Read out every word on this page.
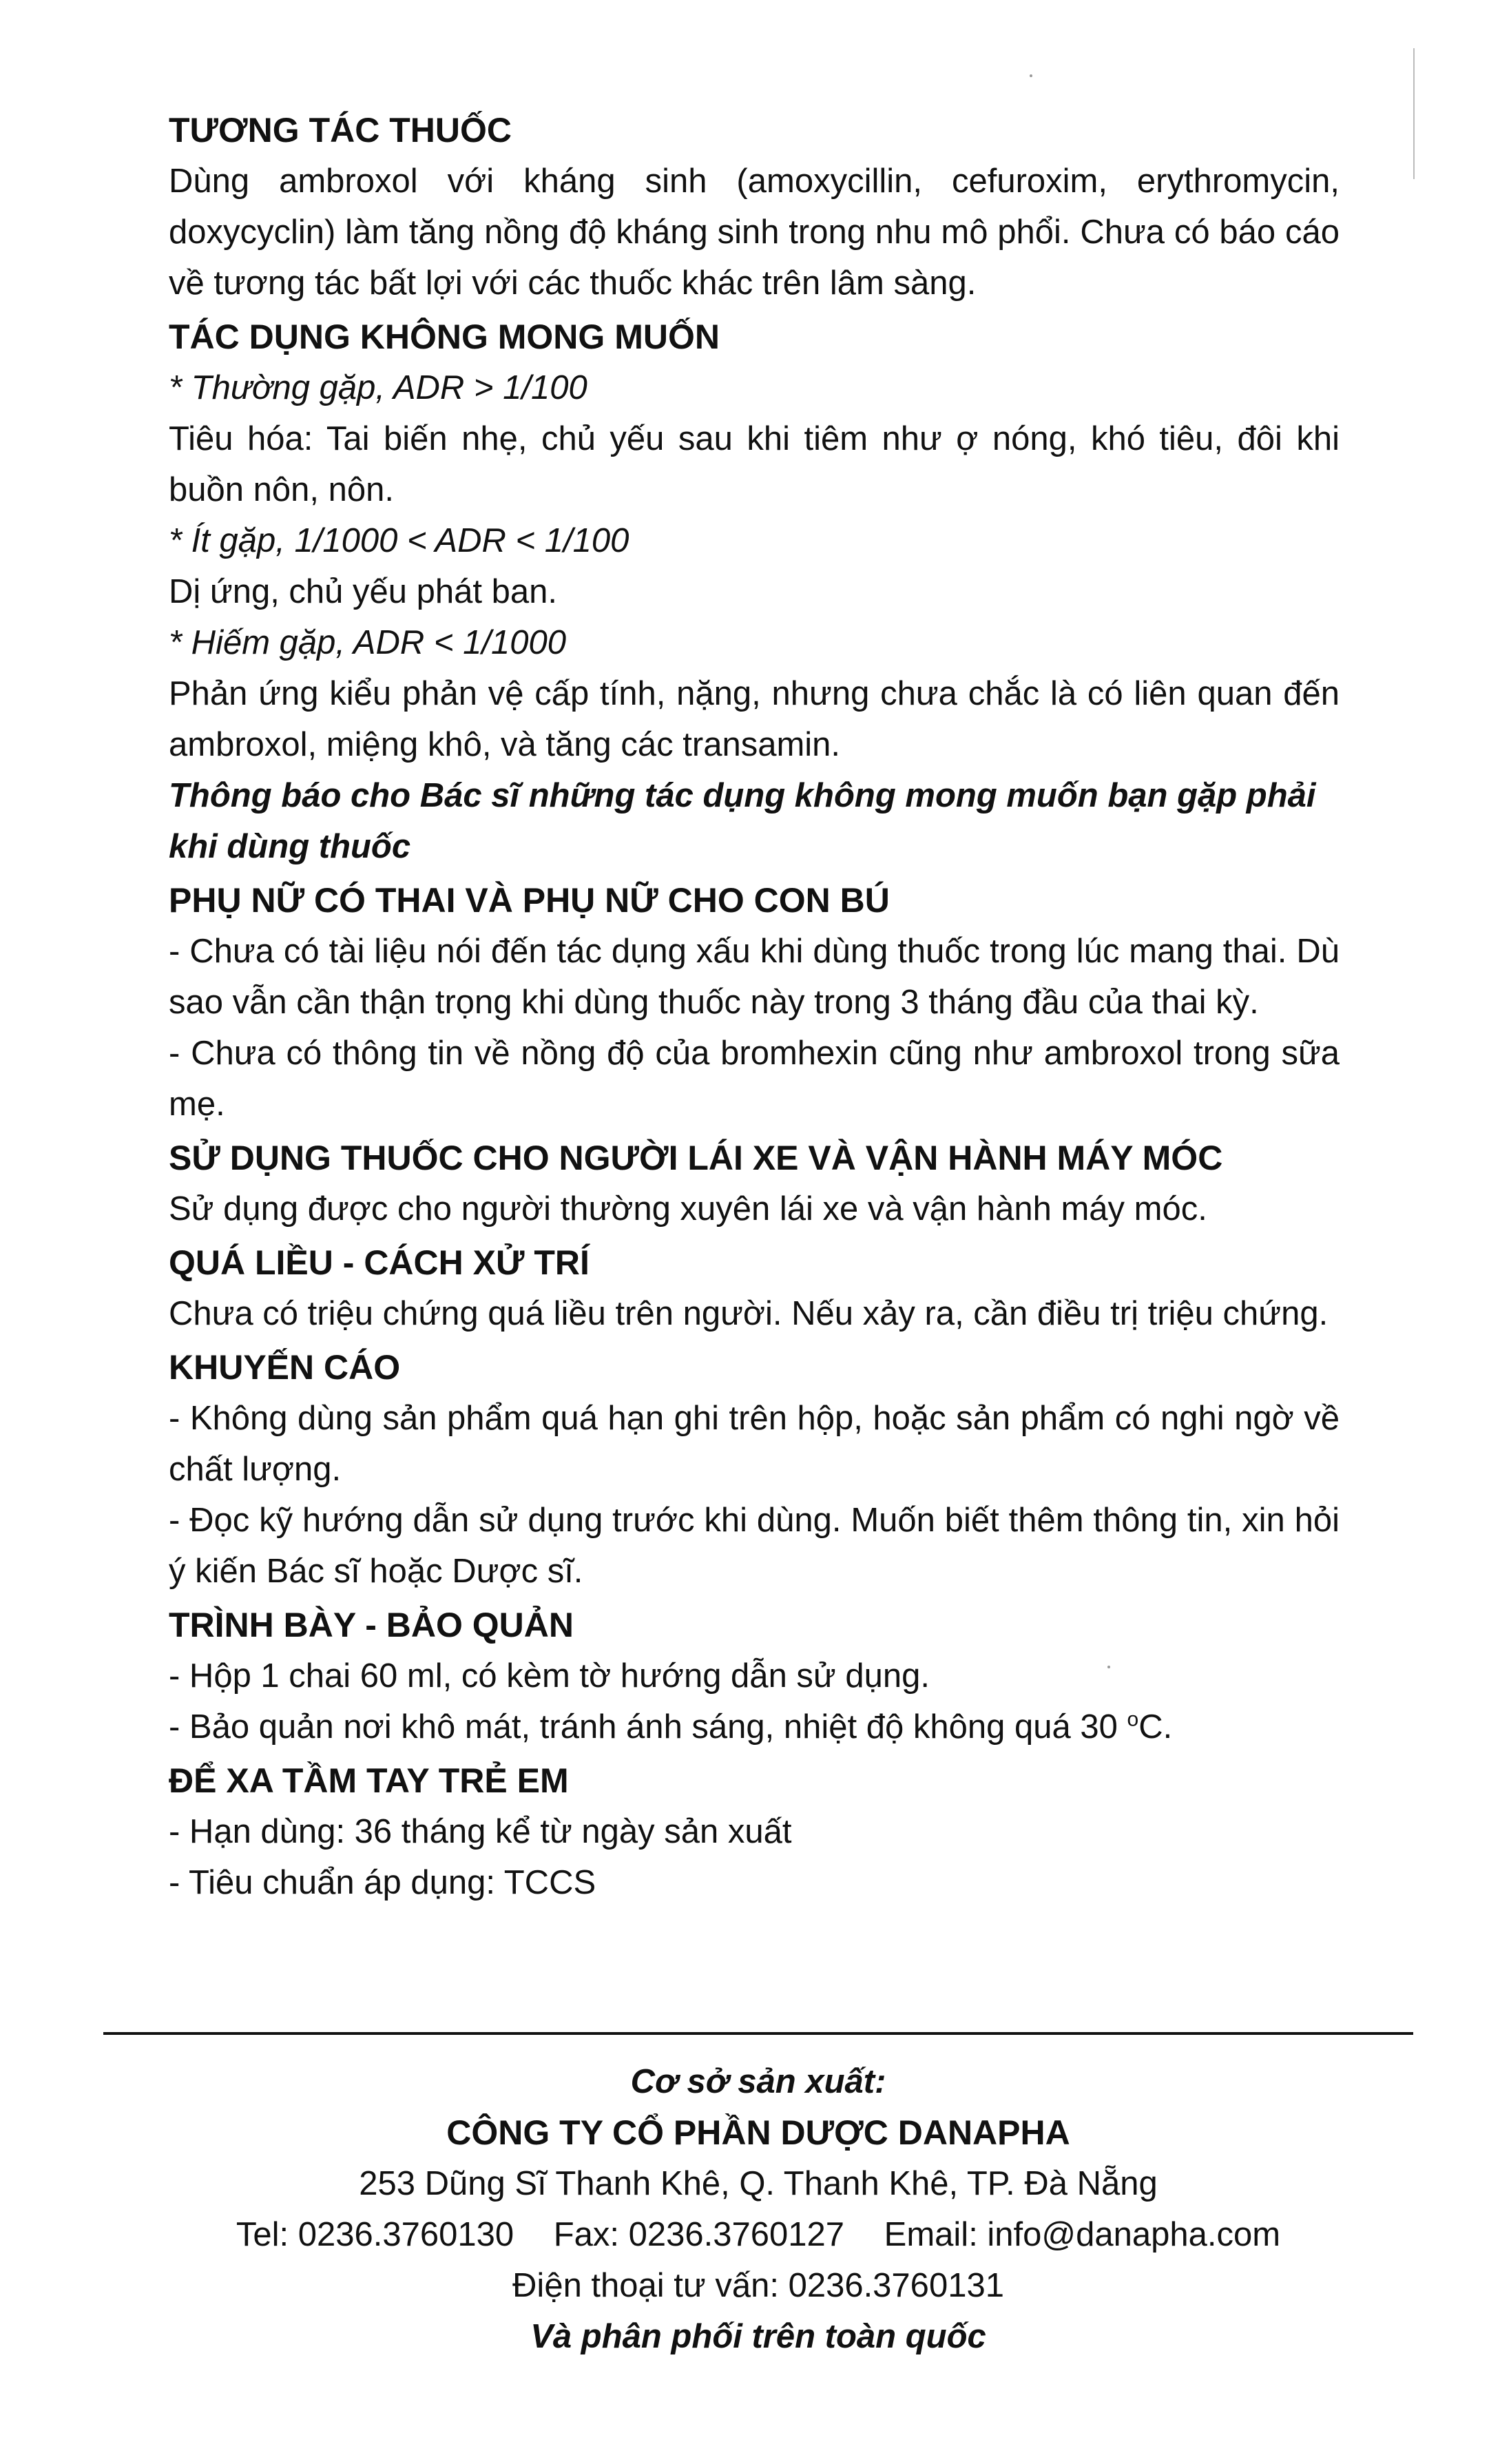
TƯƠNG TÁC THUỐC

Dùng ambroxol với kháng sinh (amoxycillin, cefuroxim, erythromycin, doxycyclin) làm tăng nồng độ kháng sinh trong nhu mô phổi. Chưa có báo cáo về tương tác bất lợi với các thuốc khác trên lâm sàng.

TÁC DỤNG KHÔNG MONG MUỐN

* Thường gặp, ADR > 1/100

Tiêu hóa: Tai biến nhẹ, chủ yếu sau khi tiêm như ợ nóng, khó tiêu, đôi khi buồn nôn, nôn.

* Ít gặp, 1/1000 < ADR < 1/100

Dị ứng, chủ yếu phát ban.

* Hiếm gặp, ADR < 1/1000

Phản ứng kiểu phản vệ cấp tính, nặng, nhưng chưa chắc là có liên quan đến ambroxol, miệng khô, và tăng các transamin.

Thông báo cho Bác sĩ những tác dụng không mong muốn bạn gặp phải khi dùng thuốc

PHỤ NỮ CÓ THAI VÀ PHỤ NỮ CHO CON BÚ

- Chưa có tài liệu nói đến tác dụng xấu khi dùng thuốc trong lúc mang thai. Dù sao vẫn cần thận trọng khi dùng thuốc này trong 3 tháng đầu của thai kỳ.

- Chưa có thông tin về nồng độ của bromhexin cũng như ambroxol trong sữa mẹ.

SỬ DỤNG THUỐC CHO NGƯỜI LÁI XE VÀ VẬN HÀNH MÁY MÓC

Sử dụng được cho người thường xuyên lái xe và vận hành máy móc.

QUÁ LIỀU - CÁCH XỬ TRÍ

Chưa có triệu chứng quá liều trên người. Nếu xảy ra, cần điều trị triệu chứng.

KHUYẾN CÁO

- Không dùng sản phẩm quá hạn ghi trên hộp, hoặc sản phẩm có nghi ngờ về chất lượng.

- Đọc kỹ hướng dẫn sử dụng trước khi dùng. Muốn biết thêm thông tin, xin hỏi ý kiến Bác sĩ hoặc Dược sĩ.

TRÌNH BÀY - BẢO QUẢN

- Hộp 1 chai 60 ml, có kèm tờ hướng dẫn sử dụng.

- Bảo quản nơi khô mát, tránh ánh sáng, nhiệt độ không quá 30 $^o$C.

ĐỂ XA TẦM TAY TRẺ EM

- Hạn dùng: 36 tháng kể từ ngày sản xuất

- Tiêu chuẩn áp dụng: TCCS

Cơ sở sản xuất:
CÔNG TY CỔ PHẦN DƯỢC DANAPHA
253 Dũng Sĩ Thanh Khê, Q. Thanh Khê, TP. Đà Nẵng
Tel: 0236.3760130 Fax: 0236.3760127 Email: info@danapha.com
Điện thoại tư vấn: 0236.3760131
Và phân phối trên toàn quốc
